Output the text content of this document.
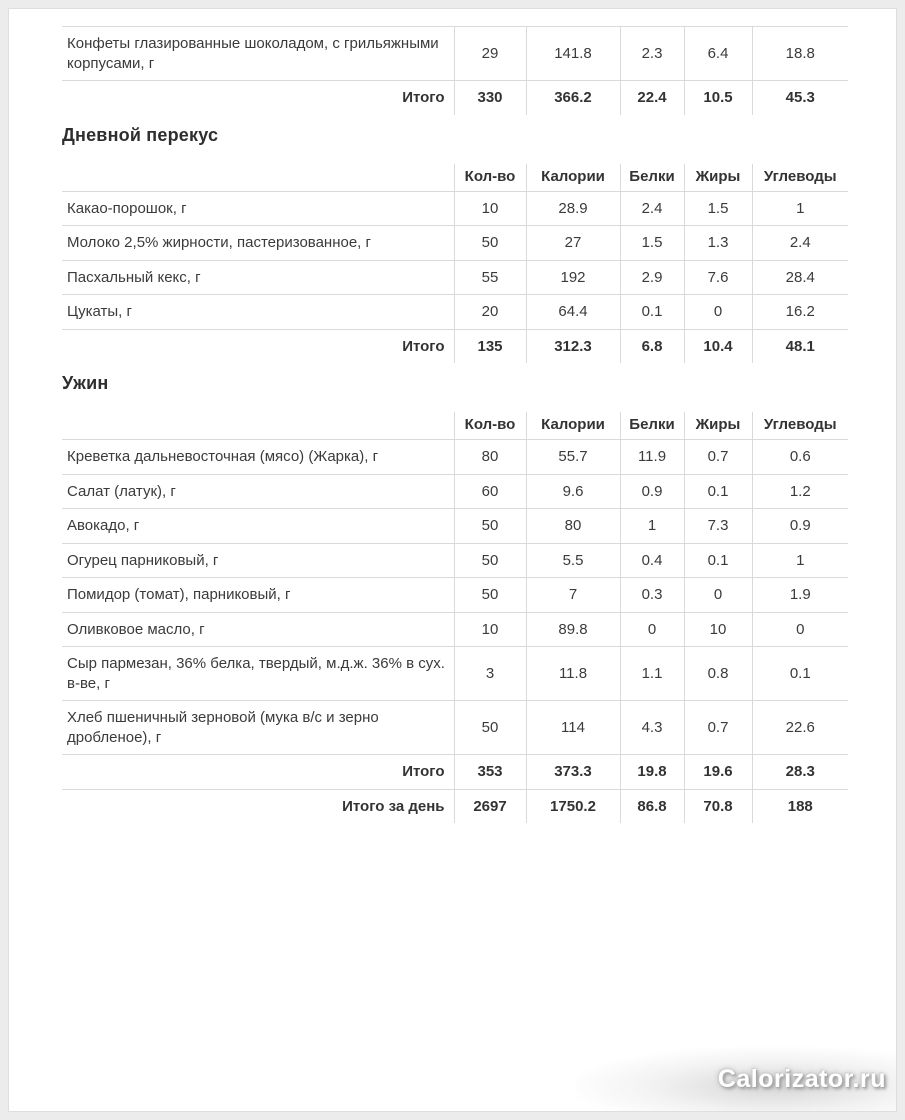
Конфеты глазированные шоколадом, с грильяжными корпусами, г	29	141.8	2.3	6.4	18.8
Итого	330	366.2	22.4	10.5	45.3
Дневной перекус
	Кол-во	Калории	Белки	Жиры	Углеводы
Какао-порошок, г	10	28.9	2.4	1.5	1
Молоко 2,5% жирности, пастеризованное, г	50	27	1.5	1.3	2.4
Пасхальный кекс, г	55	192	2.9	7.6	28.4
Цукаты, г	20	64.4	0.1	0	16.2
Итого	135	312.3	6.8	10.4	48.1
Ужин
	Кол-во	Калории	Белки	Жиры	Углеводы
Креветка дальневосточная (мясо) (Жарка), г	80	55.7	11.9	0.7	0.6
Салат (латук), г	60	9.6	0.9	0.1	1.2
Авокадо, г	50	80	1	7.3	0.9
Огурец парниковый, г	50	5.5	0.4	0.1	1
Помидор (томат), парниковый, г	50	7	0.3	0	1.9
Оливковое масло, г	10	89.8	0	10	0
Сыр пармезан, 36% белка, твердый, м.д.ж. 36% в сух. в-ве, г	3	11.8	1.1	0.8	0.1
Хлеб пшеничный зерновой (мука в/с и зерно дробленое), г	50	114	4.3	0.7	22.6
Итого	353	373.3	19.8	19.6	28.3
Итого за день	2697	1750.2	86.8	70.8	188
Calorizator.ru
